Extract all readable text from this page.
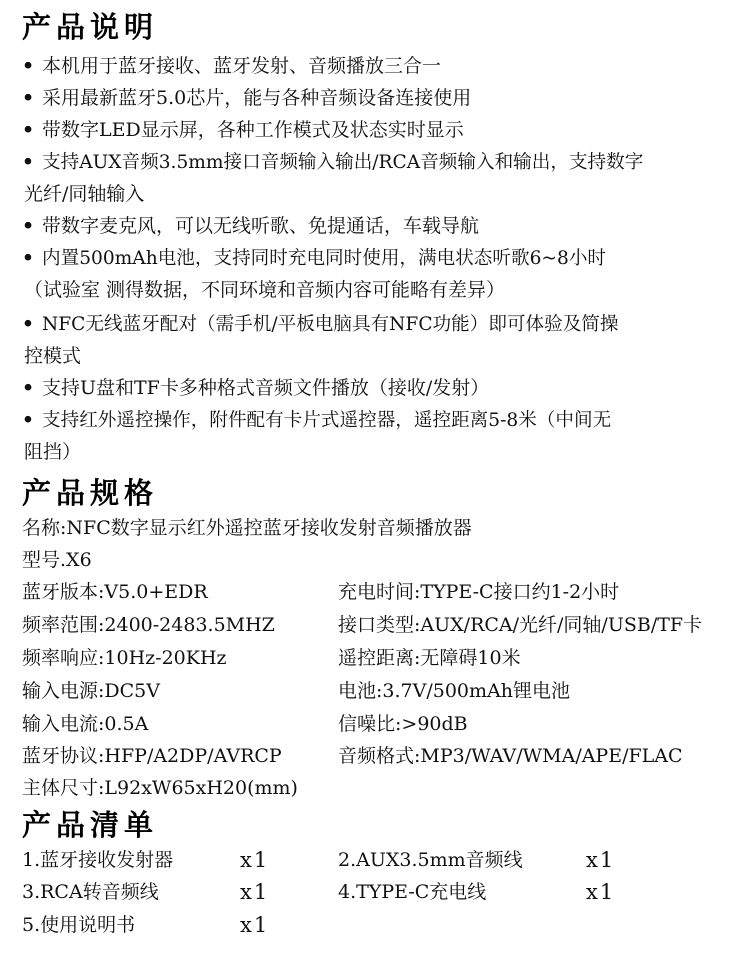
产品说明
• 本机用于蓝牙接收、蓝牙发射、音频播放三合一
• 采用最新蓝牙5.0芯片，能与各种音频设备连接使用
• 带数字LED显示屏，各种工作模式及状态实时显示
• 支持AUX音频3.5mm接口音频输入输出/RCA音频输入和输出，支持数字
光纤/同轴输入
• 带数字麦克风，可以无线听歌、免提通话，车载导航
• 内置500mAh电池，支持同时充电同时使用，满电状态听歌6~8小时
（试验室 测得数据，不同环境和音频内容可能略有差异）
• NFC无线蓝牙配对（需手机/平板电脑具有NFC功能）即可体验及简操
控模式
• 支持U盘和TF卡多种格式音频文件播放（接收/发射）
• 支持红外遥控操作，附件配有卡片式遥控器，遥控距离5-8米（中间无
阻挡）
产品规格
名称:NFC数字显示红外遥控蓝牙接收发射音频播放器
型号.X6
蓝牙版本:V5.0+EDR	充电时间:TYPE-C接口约1-2小时
频率范围:2400-2483.5MHZ	接口类型:AUX/RCA/光纤/同轴/USB/TF卡
频率响应:10Hz-20KHz	遥控距离:无障碍10米
输入电源:DC5V	电池:3.7V/500mAh锂电池
输入电流:0.5A	信噪比:>90dB
蓝牙协议:HFP/A2DP/AVRCP	音频格式:MP3/WAV/WMA/APE/FLAC
主体尺寸:L92xW65xH20(mm)
产品清单
1.蓝牙接收发射器	x1	2.AUX3.5mm音频线	x1
3.RCA转音频线	x1	4.TYPE-C充电线	x1
5.使用说明书	x1
